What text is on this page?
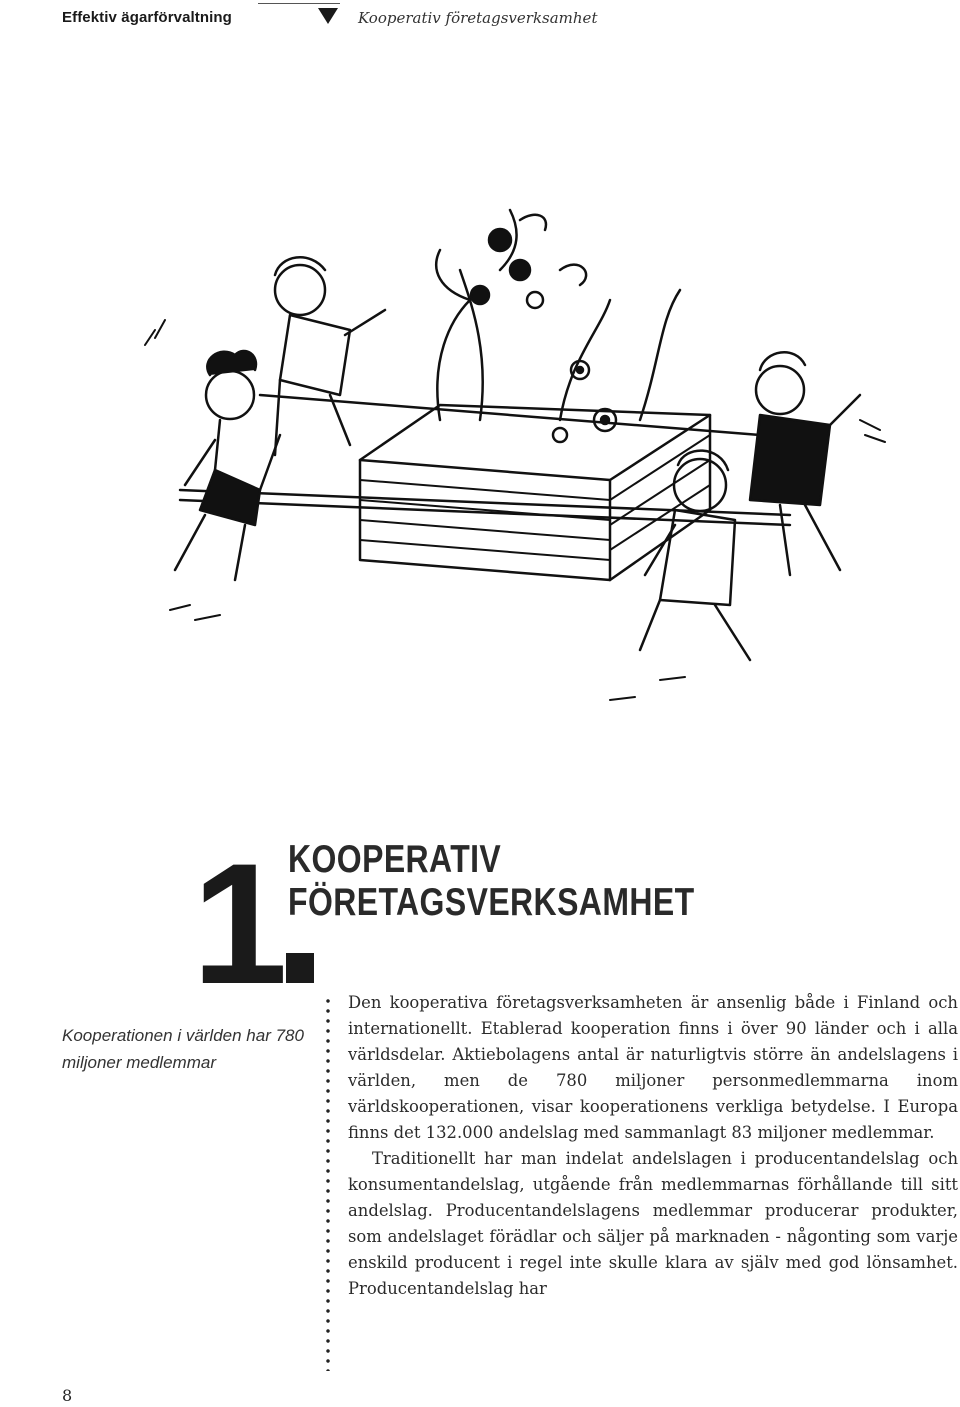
Effektiv ägarförvaltning	Kooperativ företagsverksamhet
1 KOOPERATIV
FÖRETAGSVERKSAMHET
Kooperationen i världen har 780 miljoner medlemmar

Den kooperativa företagsverksamheten är ansenlig både i Finland och internationellt. Etablerad kooperation finns i över 90 länder och i alla världsdelar. Aktiebolagens antal är naturligtvis större än andelslagens i världen, men de 780 miljoner personmedlemmarna inom världskooperationen, visar kooperationens verkliga betydelse. I Europa finns det 132.000 andelslag med sammanlagt 83 miljoner medlemmar.

Traditionellt har man indelat andelslagen i producentandelslag och konsumentandelslag, utgående från medlemmarnas förhållande till sitt andelslag. Producentandelslagens medlemmar producerar produkter, som andelslaget förädlar och säljer på marknaden - någonting som varje enskild producent i regel inte skulle klara av själv med god lönsamhet. Producentandelslag har

8
